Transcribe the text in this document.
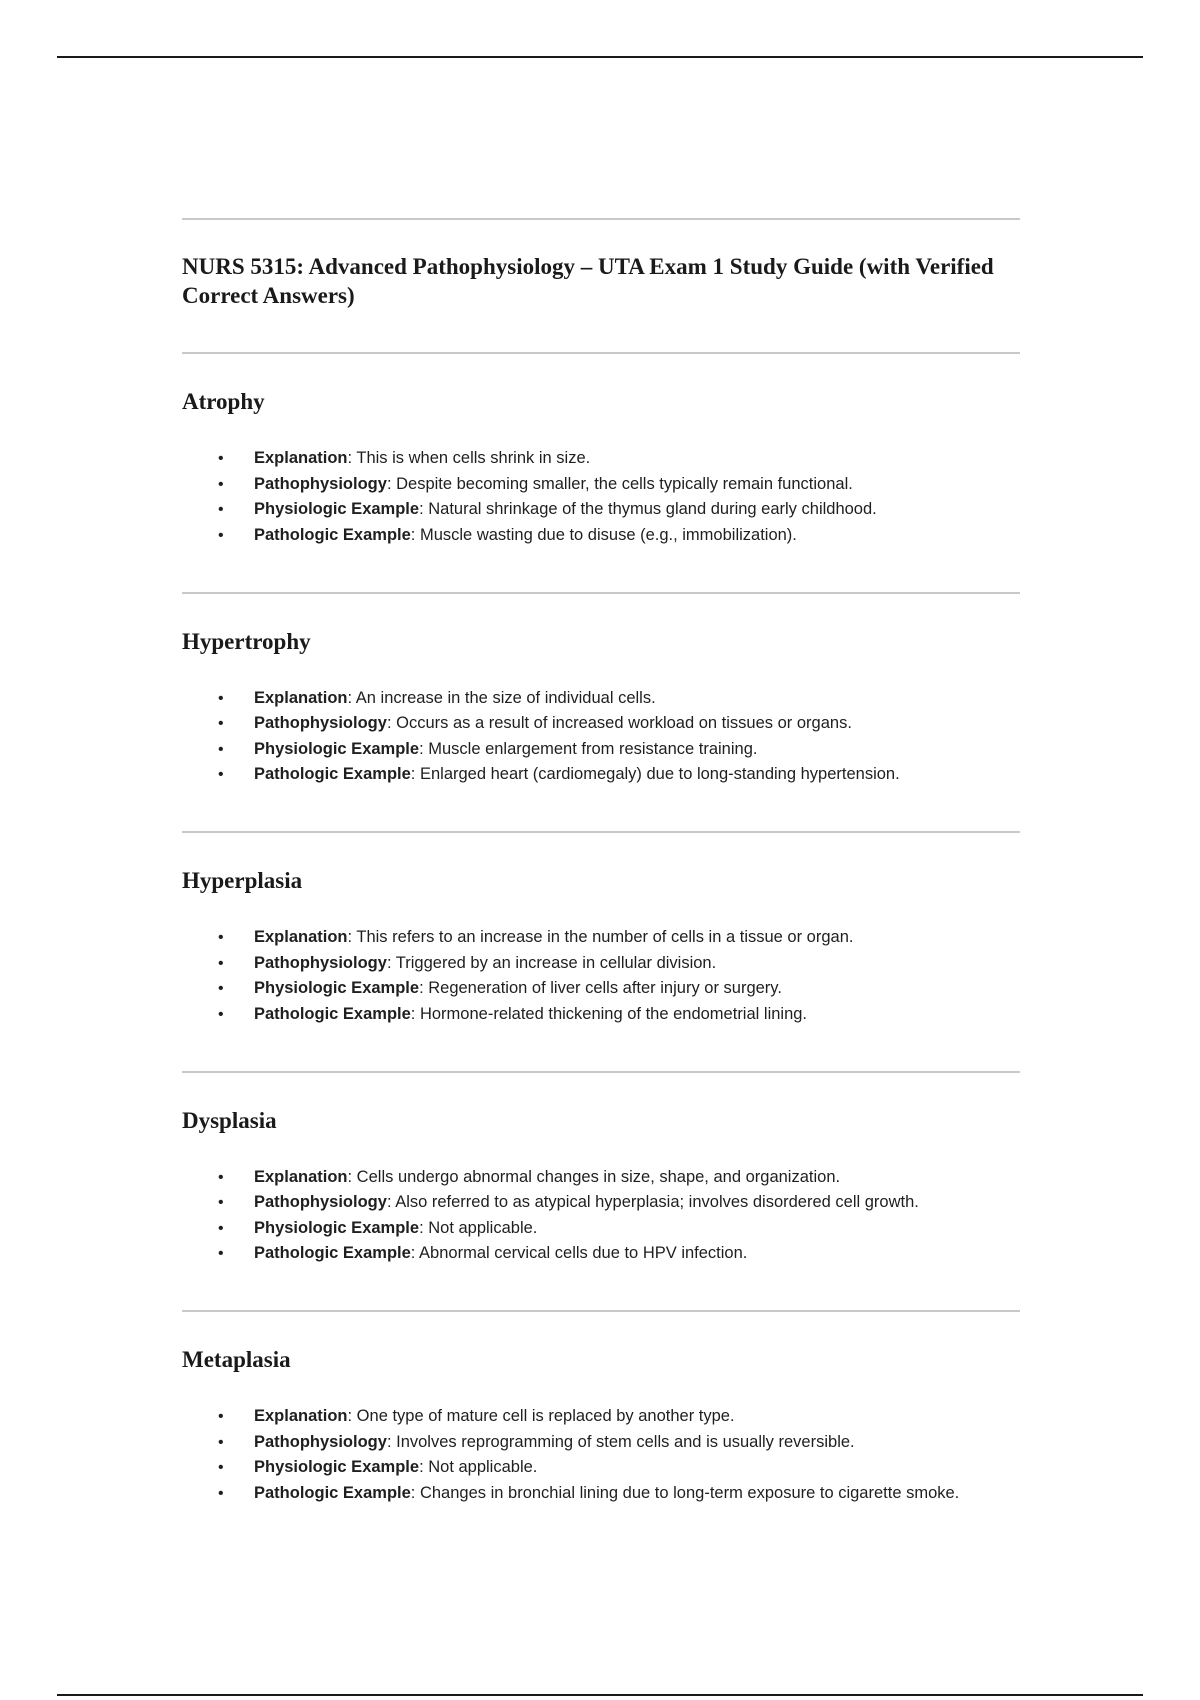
NURS 5315: Advanced Pathophysiology – UTA Exam 1 Study Guide (with Verified Correct Answers)
Atrophy
• Explanation: This is when cells shrink in size.
• Pathophysiology: Despite becoming smaller, the cells typically remain functional.
• Physiologic Example: Natural shrinkage of the thymus gland during early childhood.
• Pathologic Example: Muscle wasting due to disuse (e.g., immobilization).
Hypertrophy
• Explanation: An increase in the size of individual cells.
• Pathophysiology: Occurs as a result of increased workload on tissues or organs.
• Physiologic Example: Muscle enlargement from resistance training.
• Pathologic Example: Enlarged heart (cardiomegaly) due to long-standing hypertension.
Hyperplasia
• Explanation: This refers to an increase in the number of cells in a tissue or organ.
• Pathophysiology: Triggered by an increase in cellular division.
• Physiologic Example: Regeneration of liver cells after injury or surgery.
• Pathologic Example: Hormone-related thickening of the endometrial lining.
Dysplasia
• Explanation: Cells undergo abnormal changes in size, shape, and organization.
• Pathophysiology: Also referred to as atypical hyperplasia; involves disordered cell growth.
• Physiologic Example: Not applicable.
• Pathologic Example: Abnormal cervical cells due to HPV infection.
Metaplasia
• Explanation: One type of mature cell is replaced by another type.
• Pathophysiology: Involves reprogramming of stem cells and is usually reversible.
• Physiologic Example: Not applicable.
• Pathologic Example: Changes in bronchial lining due to long-term exposure to cigarette smoke.
